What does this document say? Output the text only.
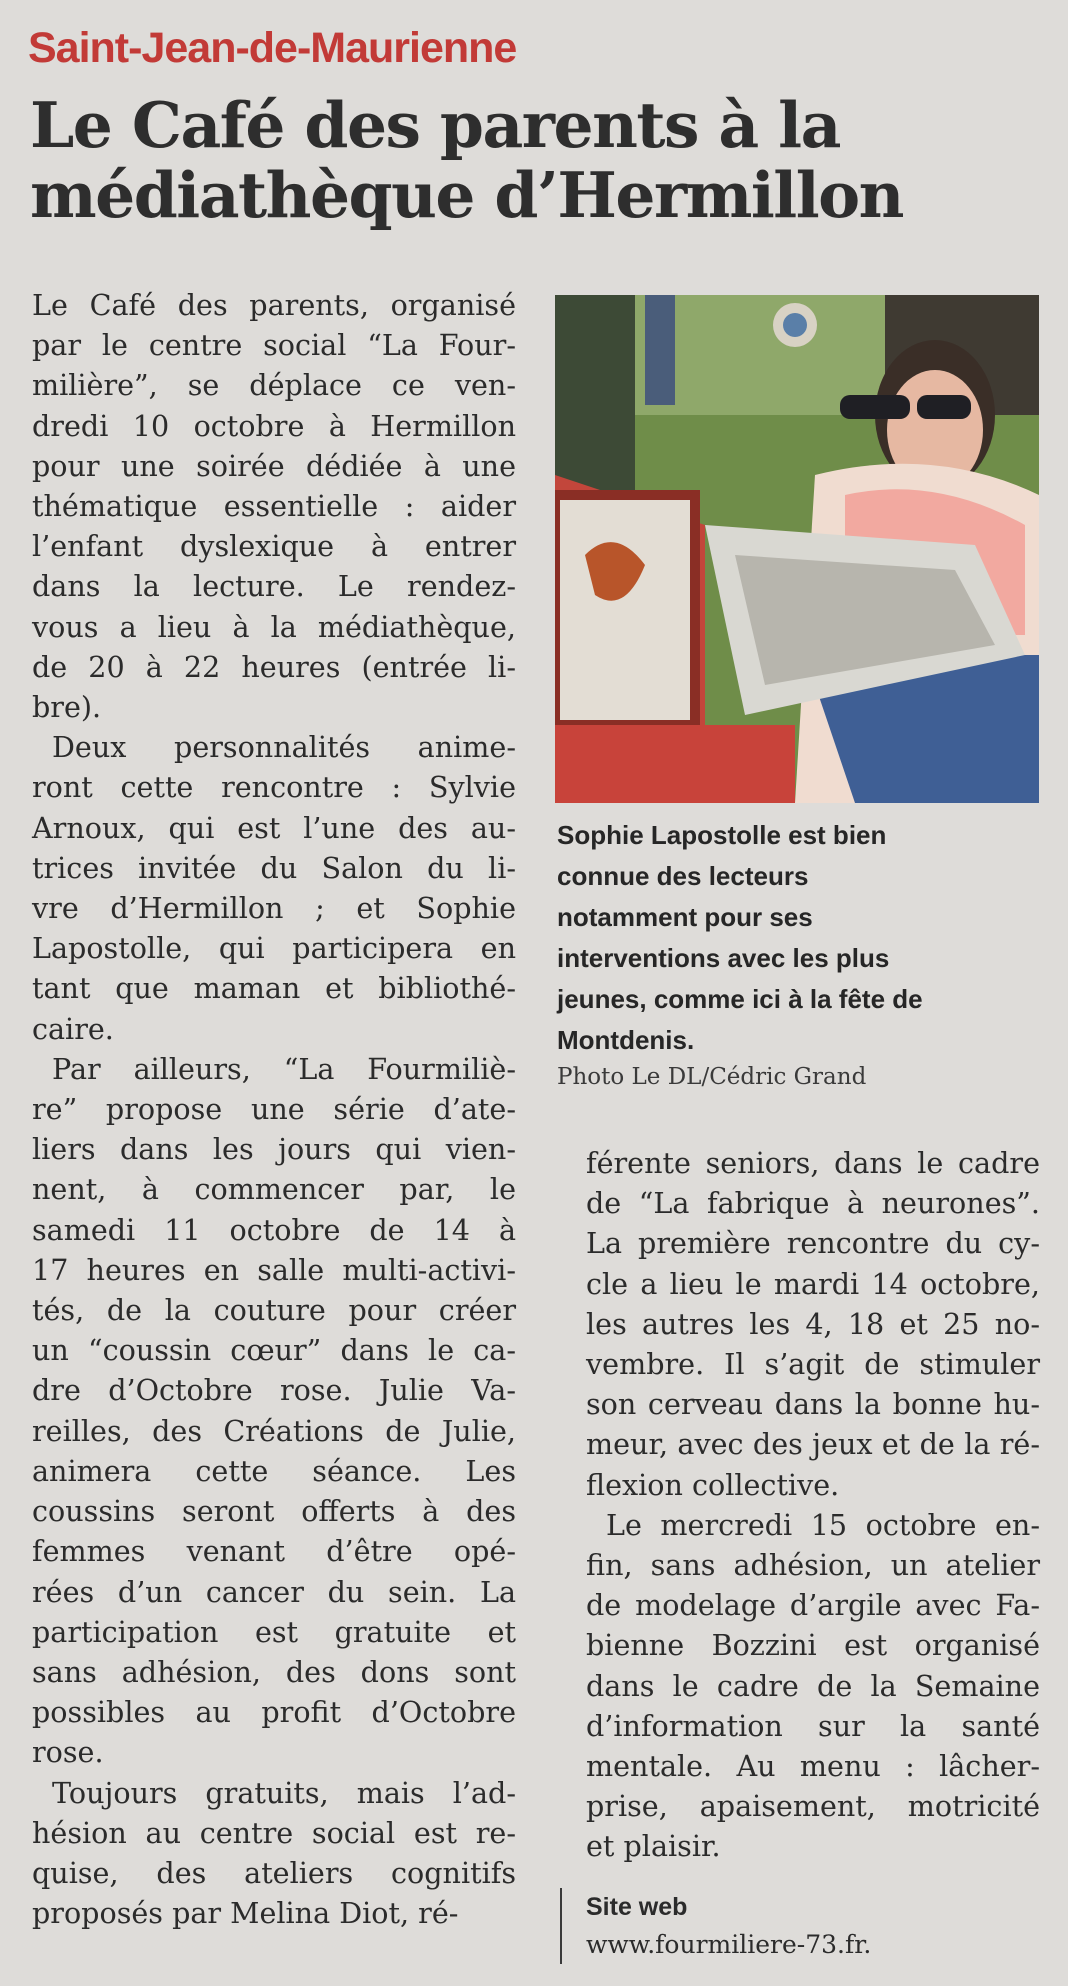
Saint-Jean-de-Maurienne
Le Café des parents à la
médiathèque d’Hermillon
Le Café des parents, organisé
par le centre social “La Four-
milière”, se déplace ce ven-
dredi 10 octobre à Hermillon
pour une soirée dédiée à une
thématique essentielle : aider
l’enfant dyslexique à entrer
dans la lecture. Le rendez-
vous a lieu à la médiathèque,
de 20 à 22 heures (entrée li-
bre).
Deux personnalités anime-
ront cette rencontre : Sylvie
Arnoux, qui est l’une des au-
trices invitée du Salon du li-
vre d’Hermillon ; et Sophie
Lapostolle, qui participera en
tant que maman et bibliothé-
caire.
Par ailleurs, “La Fourmiliè-
re” propose une série d’ate-
liers dans les jours qui vien-
nent, à commencer par, le
samedi 11 octobre de 14 à
17 heures en salle multi-activi-
tés, de la couture pour créer
un “coussin cœur” dans le ca-
dre d’Octobre rose. Julie Va-
reilles, des Créations de Julie,
animera cette séance. Les
coussins seront offerts à des
femmes venant d’être opé-
rées d’un cancer du sein. La
participation est gratuite et
sans adhésion, des dons sont
possibles au profit d’Octobre
rose.
Toujours gratuits, mais l’ad-
hésion au centre social est re-
quise, des ateliers cognitifs
proposés par Melina Diot, ré-
Sophie Lapostolle est bien
connue des lecteurs
notamment pour ses
interventions avec les plus
jeunes, comme ici à la fête de
Montdenis.
Photo Le DL/Cédric Grand
férente seniors, dans le cadre
de “La fabrique à neurones”.
La première rencontre du cy-
cle a lieu le mardi 14 octobre,
les autres les 4, 18 et 25 no-
vembre. Il s’agit de stimuler
son cerveau dans la bonne hu-
meur, avec des jeux et de la ré-
flexion collective.
Le mercredi 15 octobre en-
fin, sans adhésion, un atelier
de modelage d’argile avec Fa-
bienne Bozzini est organisé
dans le cadre de la Semaine
d’information sur la santé
mentale. Au menu : lâcher-
prise, apaisement, motricité
et plaisir.
Site web
www.fourmiliere-73.fr.
